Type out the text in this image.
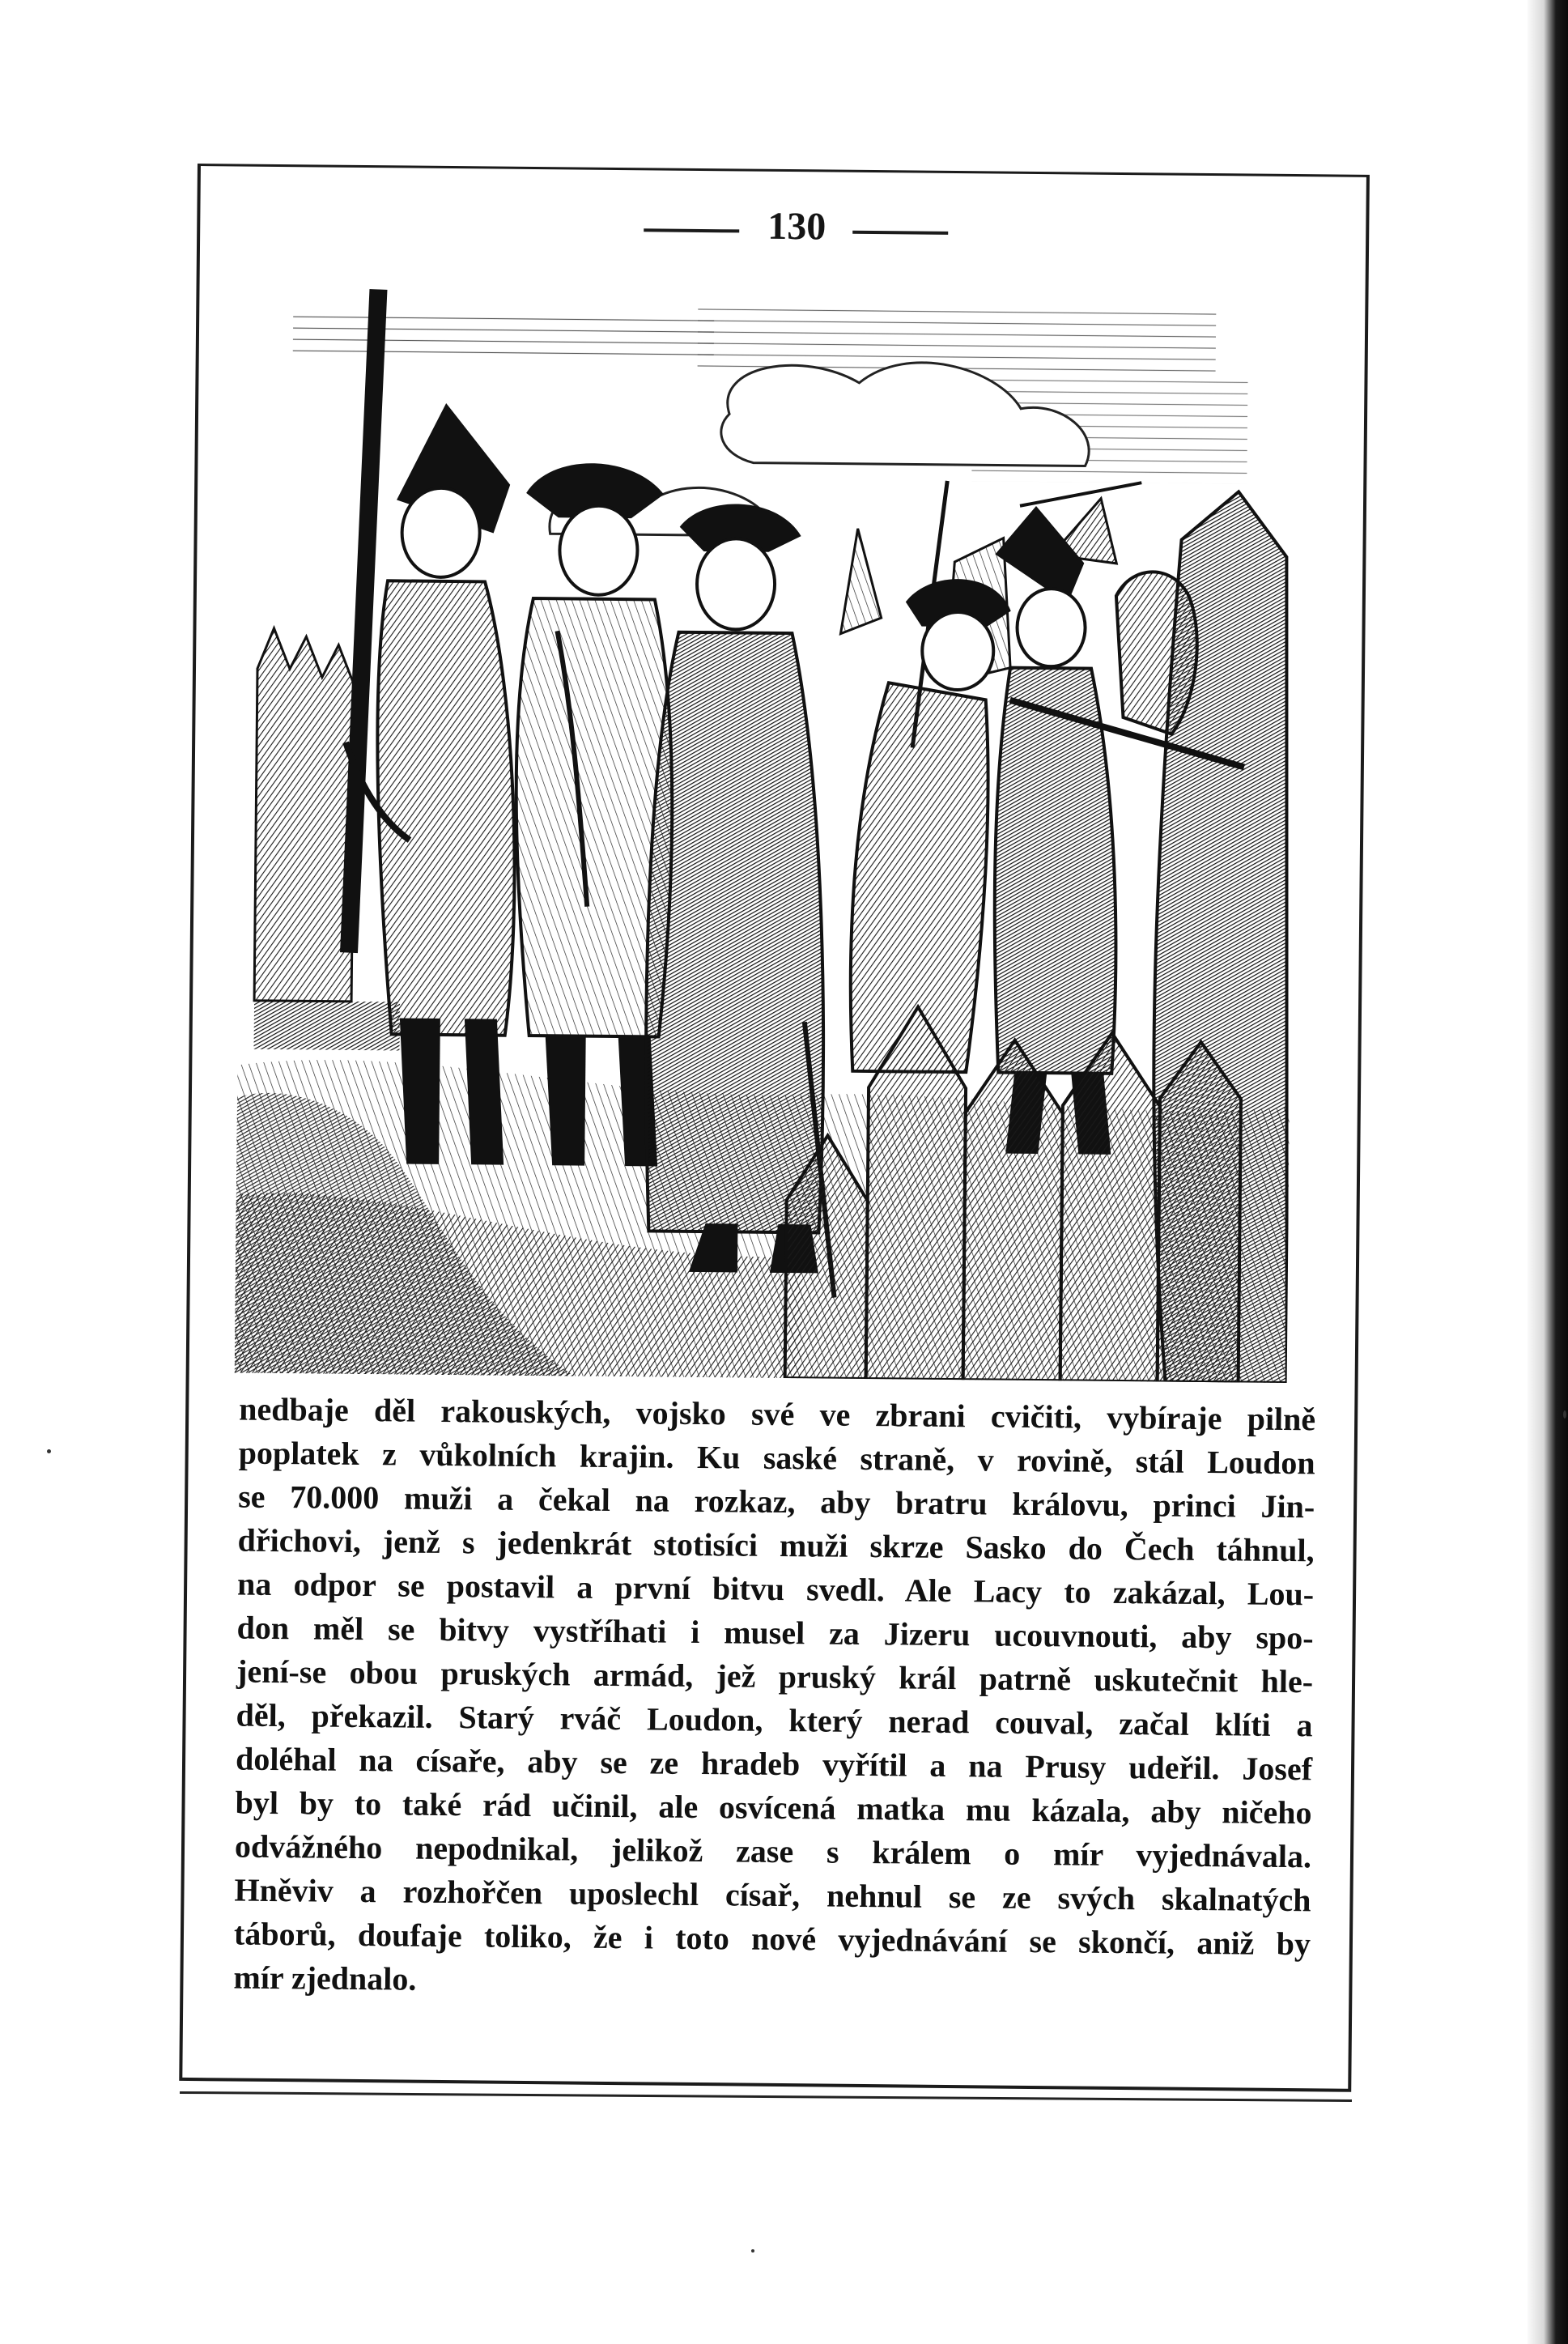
130
nedbaje děl rakouských, vojsko své ve zbrani cvičiti, vybíraje pilně
poplatek z vůkolních krajin. Ku saské straně, v rovině, stál Loudon
se 70.000 muži a čekal na rozkaz, aby bratru královu, princi Jin-
dřichovi, jenž s jedenkrát stotisíci muži skrze Sasko do Čech táhnul,
na odpor se postavil a první bitvu svedl. Ale Lacy to zakázal, Lou-
don měl se bitvy vystříhati i musel za Jizeru ucouvnouti, aby spo-
jení-se obou pruských armád, jež pruský král patrně uskutečnit hle-
děl, překazil. Starý rváč Loudon, který nerad couval, začal klíti a
doléhal na císaře, aby se ze hradeb vyřítil a na Prusy udeřil. Josef
byl by to také rád učinil, ale osvícená matka mu kázala, aby ničeho
odvážného nepodnikal, jelikož zase s králem o mír vyjednávala.
Hněviv a rozhořčen uposlechl císař, nehnul se ze svých skalnatých
táborů, doufaje toliko, že i toto nové vyjednávání se skončí, aniž by
mír zjednalo.
